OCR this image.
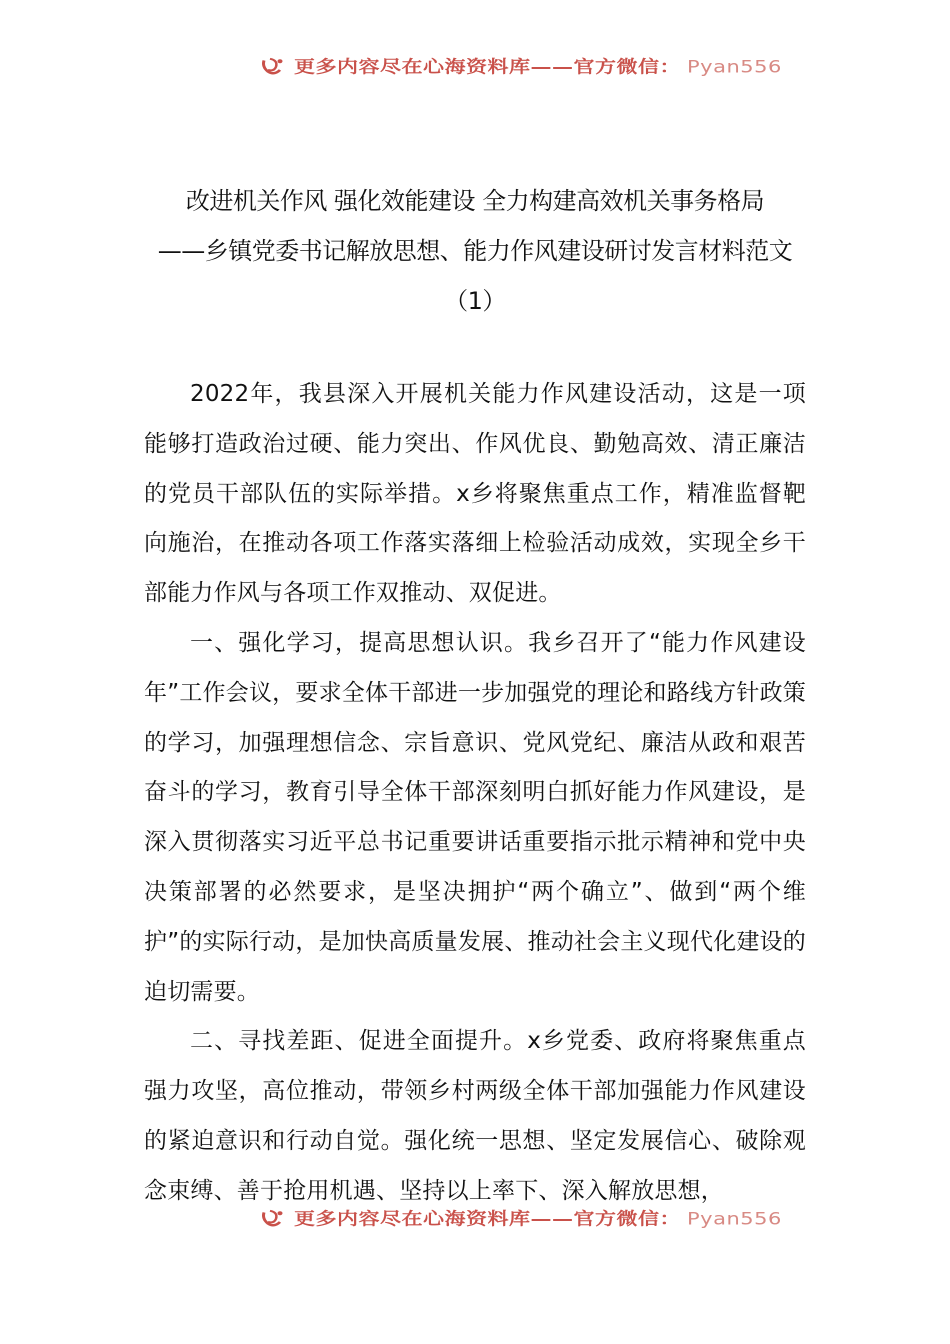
更多内容尽在心海资料库——官方微信： Pyan556
改进机关作风 强化效能建设 全力构建高效机关事务格局
——乡镇党委书记解放思想、能力作风建设研讨发言材料范文
（1）

2022年，我县深入开展机关能力作风建设活动，这是一项能够打造政治过硬、能力突出、作风优良、勤勉高效、清正廉洁的党员干部队伍的实际举措。x乡将聚焦重点工作，精准监督靶向施治，在推动各项工作落实落细上检验活动成效，实现全乡干部能力作风与各项工作双推动、双促进。

一、强化学习，提高思想认识。我乡召开了“能力作风建设年”工作会议，要求全体干部进一步加强党的理论和路线方针政策的学习，加强理想信念、宗旨意识、党风党纪、廉洁从政和艰苦奋斗的学习，教育引导全体干部深刻明白抓好能力作风建设，是深入贯彻落实习近平总书记重要讲话重要指示批示精神和党中央决策部署的必然要求，是坚决拥护“两个确立”、做到“两个维护”的实际行动，是加快高质量发展、推动社会主义现代化建设的迫切需要。

二、寻找差距、促进全面提升。x乡党委、政府将聚焦重点强力攻坚，高位推动，带领乡村两级全体干部加强能力作风建设的紧迫意识和行动自觉。强化统一思想、坚定发展信心、破除观念束缚、善于抢用机遇、坚持以上率下、深入解放思想，

更多内容尽在心海资料库——官方微信： Pyan556
